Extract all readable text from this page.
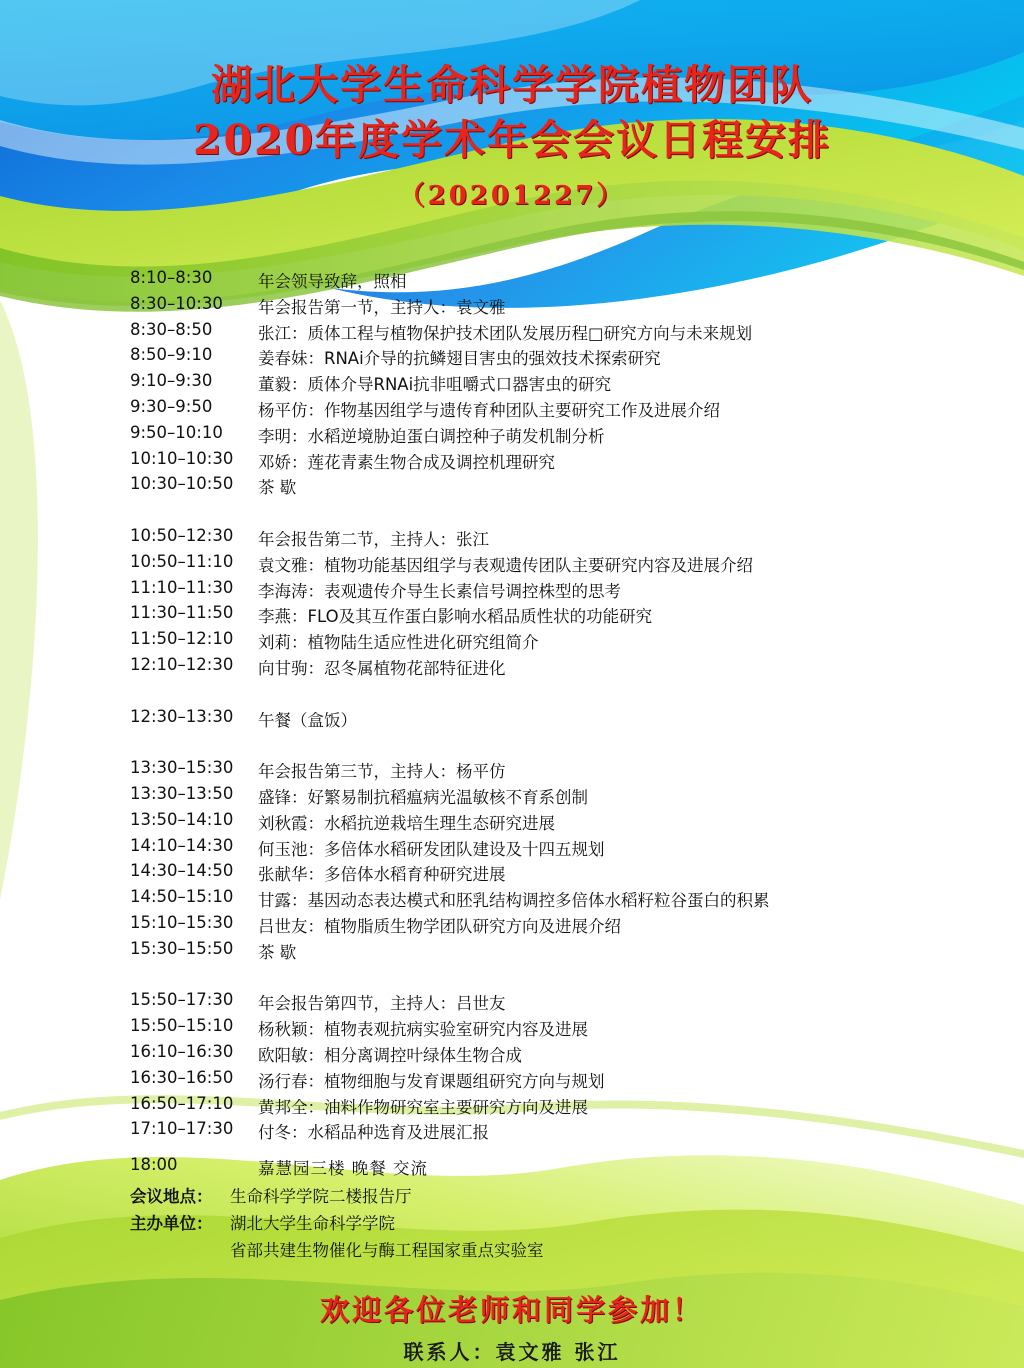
湖北大学生命科学学院植物团队
2020年度学术年会会议日程安排
（20201227）
8:10–8:30	年会领导致辞，照相
8:30–10:30	年会报告第一节，主持人：袁文雅
8:30–8:50	张江：质体工程与植物保护技术团队发展历程□研究方向与未来规划
8:50–9:10	姜春妹：RNAi介导的抗鳞翅目害虫的强效技术探索研究
9:10–9:30	董毅：质体介导RNAi抗非咀嚼式口器害虫的研究
9:30–9:50	杨平仿：作物基因组学与遗传育种团队主要研究工作及进展介绍
9:50–10:10	李明：水稻逆境胁迫蛋白调控种子萌发机制分析
10:10–10:30	邓娇：莲花青素生物合成及调控机理研究
10:30–10:50	茶 歇
10:50–12:30	年会报告第二节，主持人：张江
10:50–11:10	袁文雅：植物功能基因组学与表观遗传团队主要研究内容及进展介绍
11:10–11:30	李海涛：表观遗传介导生长素信号调控株型的思考
11:30–11:50	李燕：FLO及其互作蛋白影响水稻品质性状的功能研究
11:50–12:10	刘莉：植物陆生适应性进化研究组简介
12:10–12:30	向甘驹：忍冬属植物花部特征进化
12:30–13:30	午餐（盒饭）
13:30–15:30	年会报告第三节，主持人：杨平仿
13:30–13:50	盛锋：好繁易制抗稻瘟病光温敏核不育系创制
13:50–14:10	刘秋霞：水稻抗逆栽培生理生态研究进展
14:10–14:30	何玉池：多倍体水稻研发团队建设及十四五规划
14:30–14:50	张献华：多倍体水稻育种研究进展
14:50–15:10	甘露：基因动态表达模式和胚乳结构调控多倍体水稻籽粒谷蛋白的积累
15:10–15:30	吕世友：植物脂质生物学团队研究方向及进展介绍
15:30–15:50	茶 歇
15:50–17:30	年会报告第四节，主持人：吕世友
15:50–15:10	杨秋颖：植物表观抗病实验室研究内容及进展
16:10–16:30	欧阳敏：相分离调控叶绿体生物合成
16:30–16:50	汤行春：植物细胞与发育课题组研究方向与规划
16:50–17:10	黄邦全：油料作物研究室主要研究方向及进展
17:10–17:30	付冬：水稻品种选育及进展汇报
18:00	嘉慧园三楼 晚餐 交流
会议地点：	生命科学学院二楼报告厅
主办单位：	湖北大学生命科学学院
省部共建生物催化与酶工程国家重点实验室
欢迎各位老师和同学参加！
联系人：袁文雅 张江
